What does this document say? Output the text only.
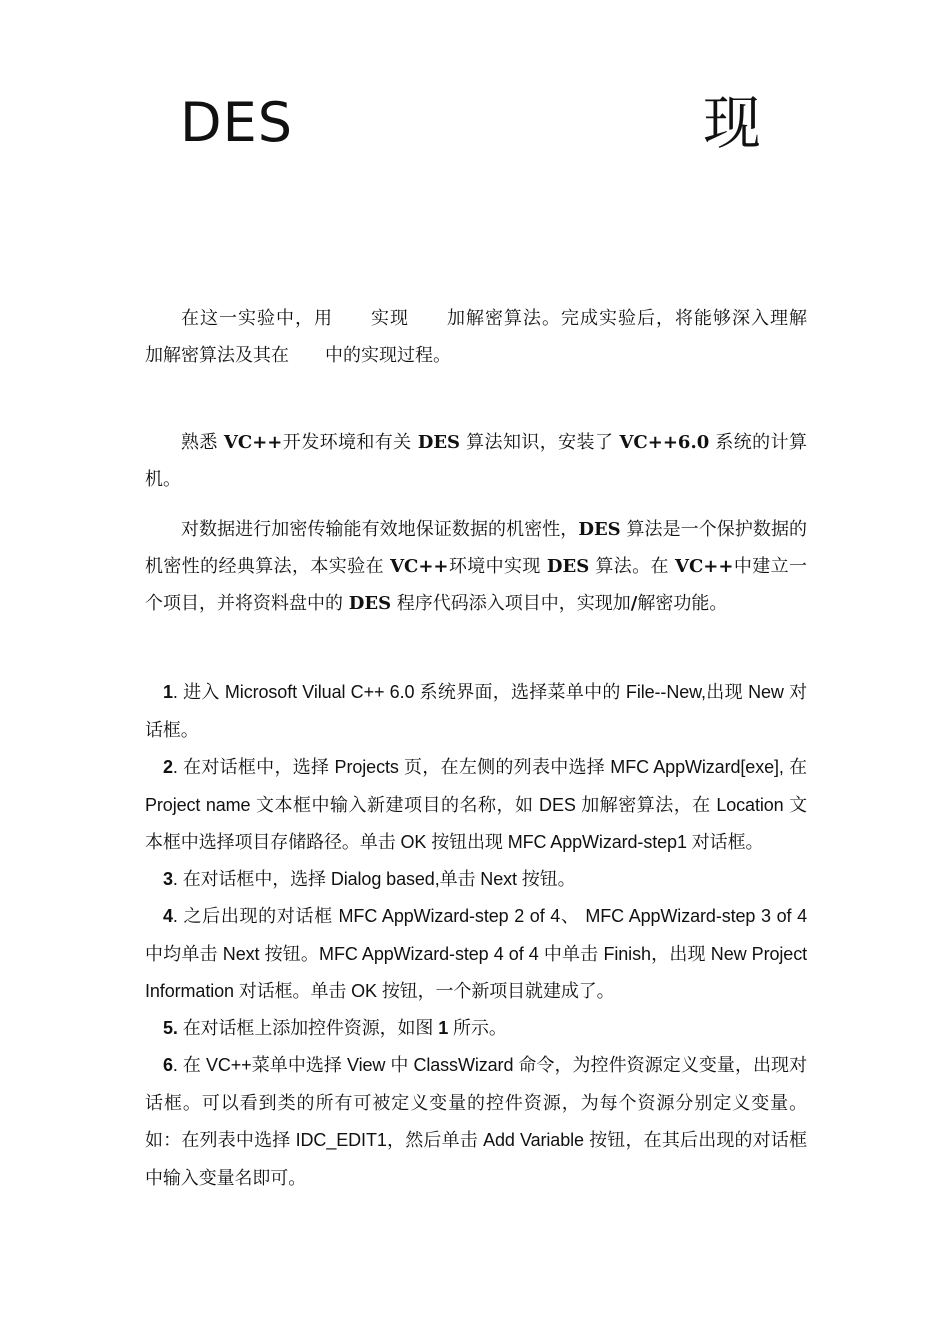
DES	现

在这一实验中，用　　实现　　加解密算法。完成实验后，将能够深入理解　　加解密算法及其在　　中的实现过程。

熟悉 VC++开发环境和有关 DES 算法知识，安装了 VC++6.0 系统的计算机。

对数据进行加密传输能有效地保证数据的机密性，DES 算法是一个保护数据的机密性的经典算法，本实验在 VC++环境中实现 DES 算法。在 VC++中建立一个项目，并将资料盘中的 DES 程序代码添入项目中，实现加/解密功能。

1. 进入 Microsoft Vilual C++ 6.0 系统界面，选择菜单中的 File--New,出现 New 对话框。

2. 在对话框中，选择 Projects 页，在左侧的列表中选择 MFC AppWizard[exe], 在 Project name 文本框中输入新建项目的名称，如 DES 加解密算法，在 Location 文本框中选择项目存储路径。单击 OK 按钮出现 MFC AppWizard-step1 对话框。

3. 在对话框中，选择 Dialog based,单击 Next 按钮。

4. 之后出现的对话框 MFC AppWizard-step 2 of 4、 MFC AppWizard-step 3 of 4 中均单击 Next 按钮。MFC AppWizard-step 4 of 4 中单击 Finish，出现 New Project Information 对话框。单击 OK 按钮，一个新项目就建成了。

5. 在对话框上添加控件资源，如图 1 所示。

6. 在 VC++菜单中选择 View 中 ClassWizard 命令，为控件资源定义变量，出现对话框。可以看到类的所有可被定义变量的控件资源，为每个资源分别定义变量。如：在列表中选择 IDC_EDIT1，然后单击 Add Variable 按钮，在其后出现的对话框中输入变量名即可。
